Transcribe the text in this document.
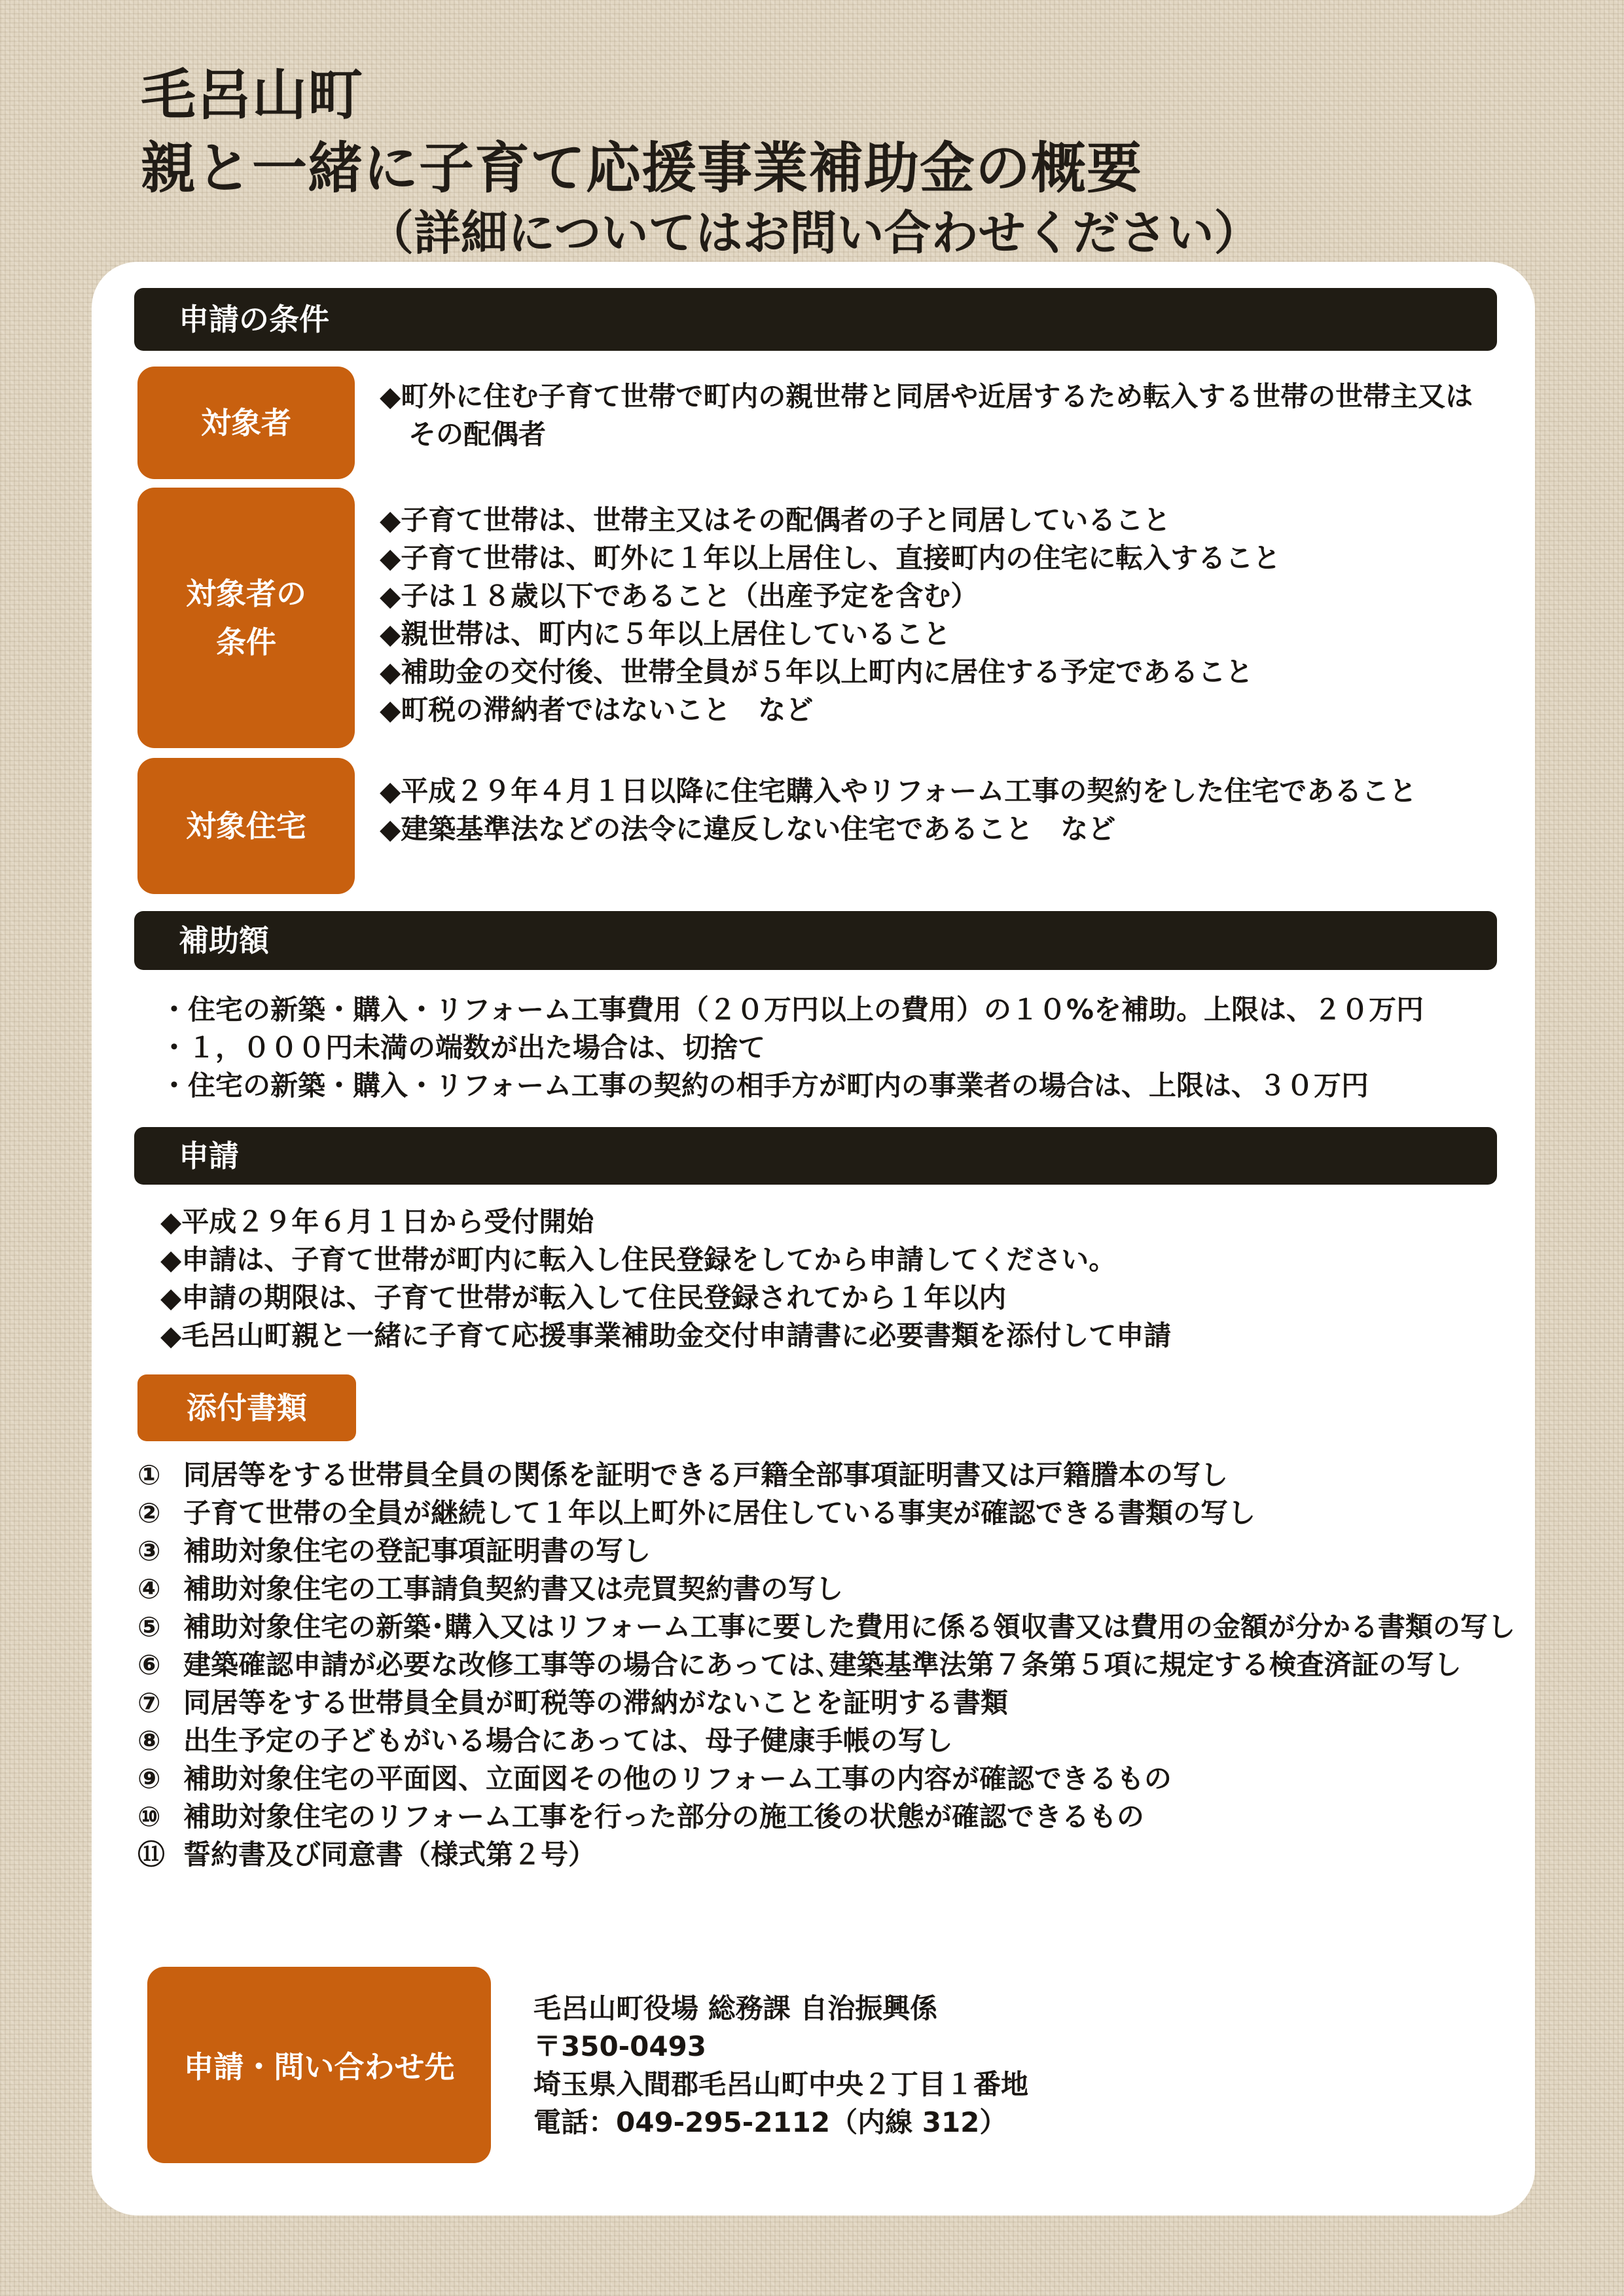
毛呂山町
親と一緒に子育て応援事業補助金の概要
（詳細についてはお問い合わせください）
申請の条件
対象者
◆町外に住む子育て世帯で町内の親世帯と同居や近居するため転入する世帯の世帯主又はその配偶者
対象者の
条件
◆子育て世帯は、世帯主又はその配偶者の子と同居していること
◆子育て世帯は、町外に１年以上居住し、直接町内の住宅に転入すること
◆子は１８歳以下であること（出産予定を含む）
◆親世帯は、町内に５年以上居住していること
◆補助金の交付後、世帯全員が５年以上町内に居住する予定であること
◆町税の滞納者ではないこと　など
対象住宅
◆平成２９年４月１日以降に住宅購入やリフォーム工事の契約をした住宅であること
◆建築基準法などの法令に違反しない住宅であること　など
補助額
・住宅の新築・購入・リフォーム工事費用（２０万円以上の費用）の１０%を補助。上限は、２０万円
・１，０００円未満の端数が出た場合は、切捨て
・住宅の新築・購入・リフォーム工事の契約の相手方が町内の事業者の場合は、上限は、３０万円
申請
◆平成２９年６月１日から受付開始
◆申請は、子育て世帯が町内に転入し住民登録をしてから申請してください。
◆申請の期限は、子育て世帯が転入して住民登録されてから１年以内
◆毛呂山町親と一緒に子育て応援事業補助金交付申請書に必要書類を添付して申請
添付書類
① 同居等をする世帯員全員の関係を証明できる戸籍全部事項証明書又は戸籍謄本の写し
② 子育て世帯の全員が継続して１年以上町外に居住している事実が確認できる書類の写し
③ 補助対象住宅の登記事項証明書の写し
④ 補助対象住宅の工事請負契約書又は売買契約書の写し
⑤ 補助対象住宅の新築･購入又はリフォーム工事に要した費用に係る領収書又は費用の金額が分かる書類の写し
⑥ 建築確認申請が必要な改修工事等の場合にあっては､建築基準法第７条第５項に規定する検査済証の写し
⑦ 同居等をする世帯員全員が町税等の滞納がないことを証明する書類
⑧ 出生予定の子どもがいる場合にあっては、母子健康手帳の写し
⑨ 補助対象住宅の平面図、立面図その他のリフォーム工事の内容が確認できるもの
⑩ 補助対象住宅のリフォーム工事を行った部分の施工後の状態が確認できるもの
⑪ 誓約書及び同意書（様式第２号）
申請・問い合わせ先
毛呂山町役場 総務課 自治振興係
〒350-0493
埼玉県入間郡毛呂山町中央２丁目１番地
電話：049-295-2112（内線 312）
